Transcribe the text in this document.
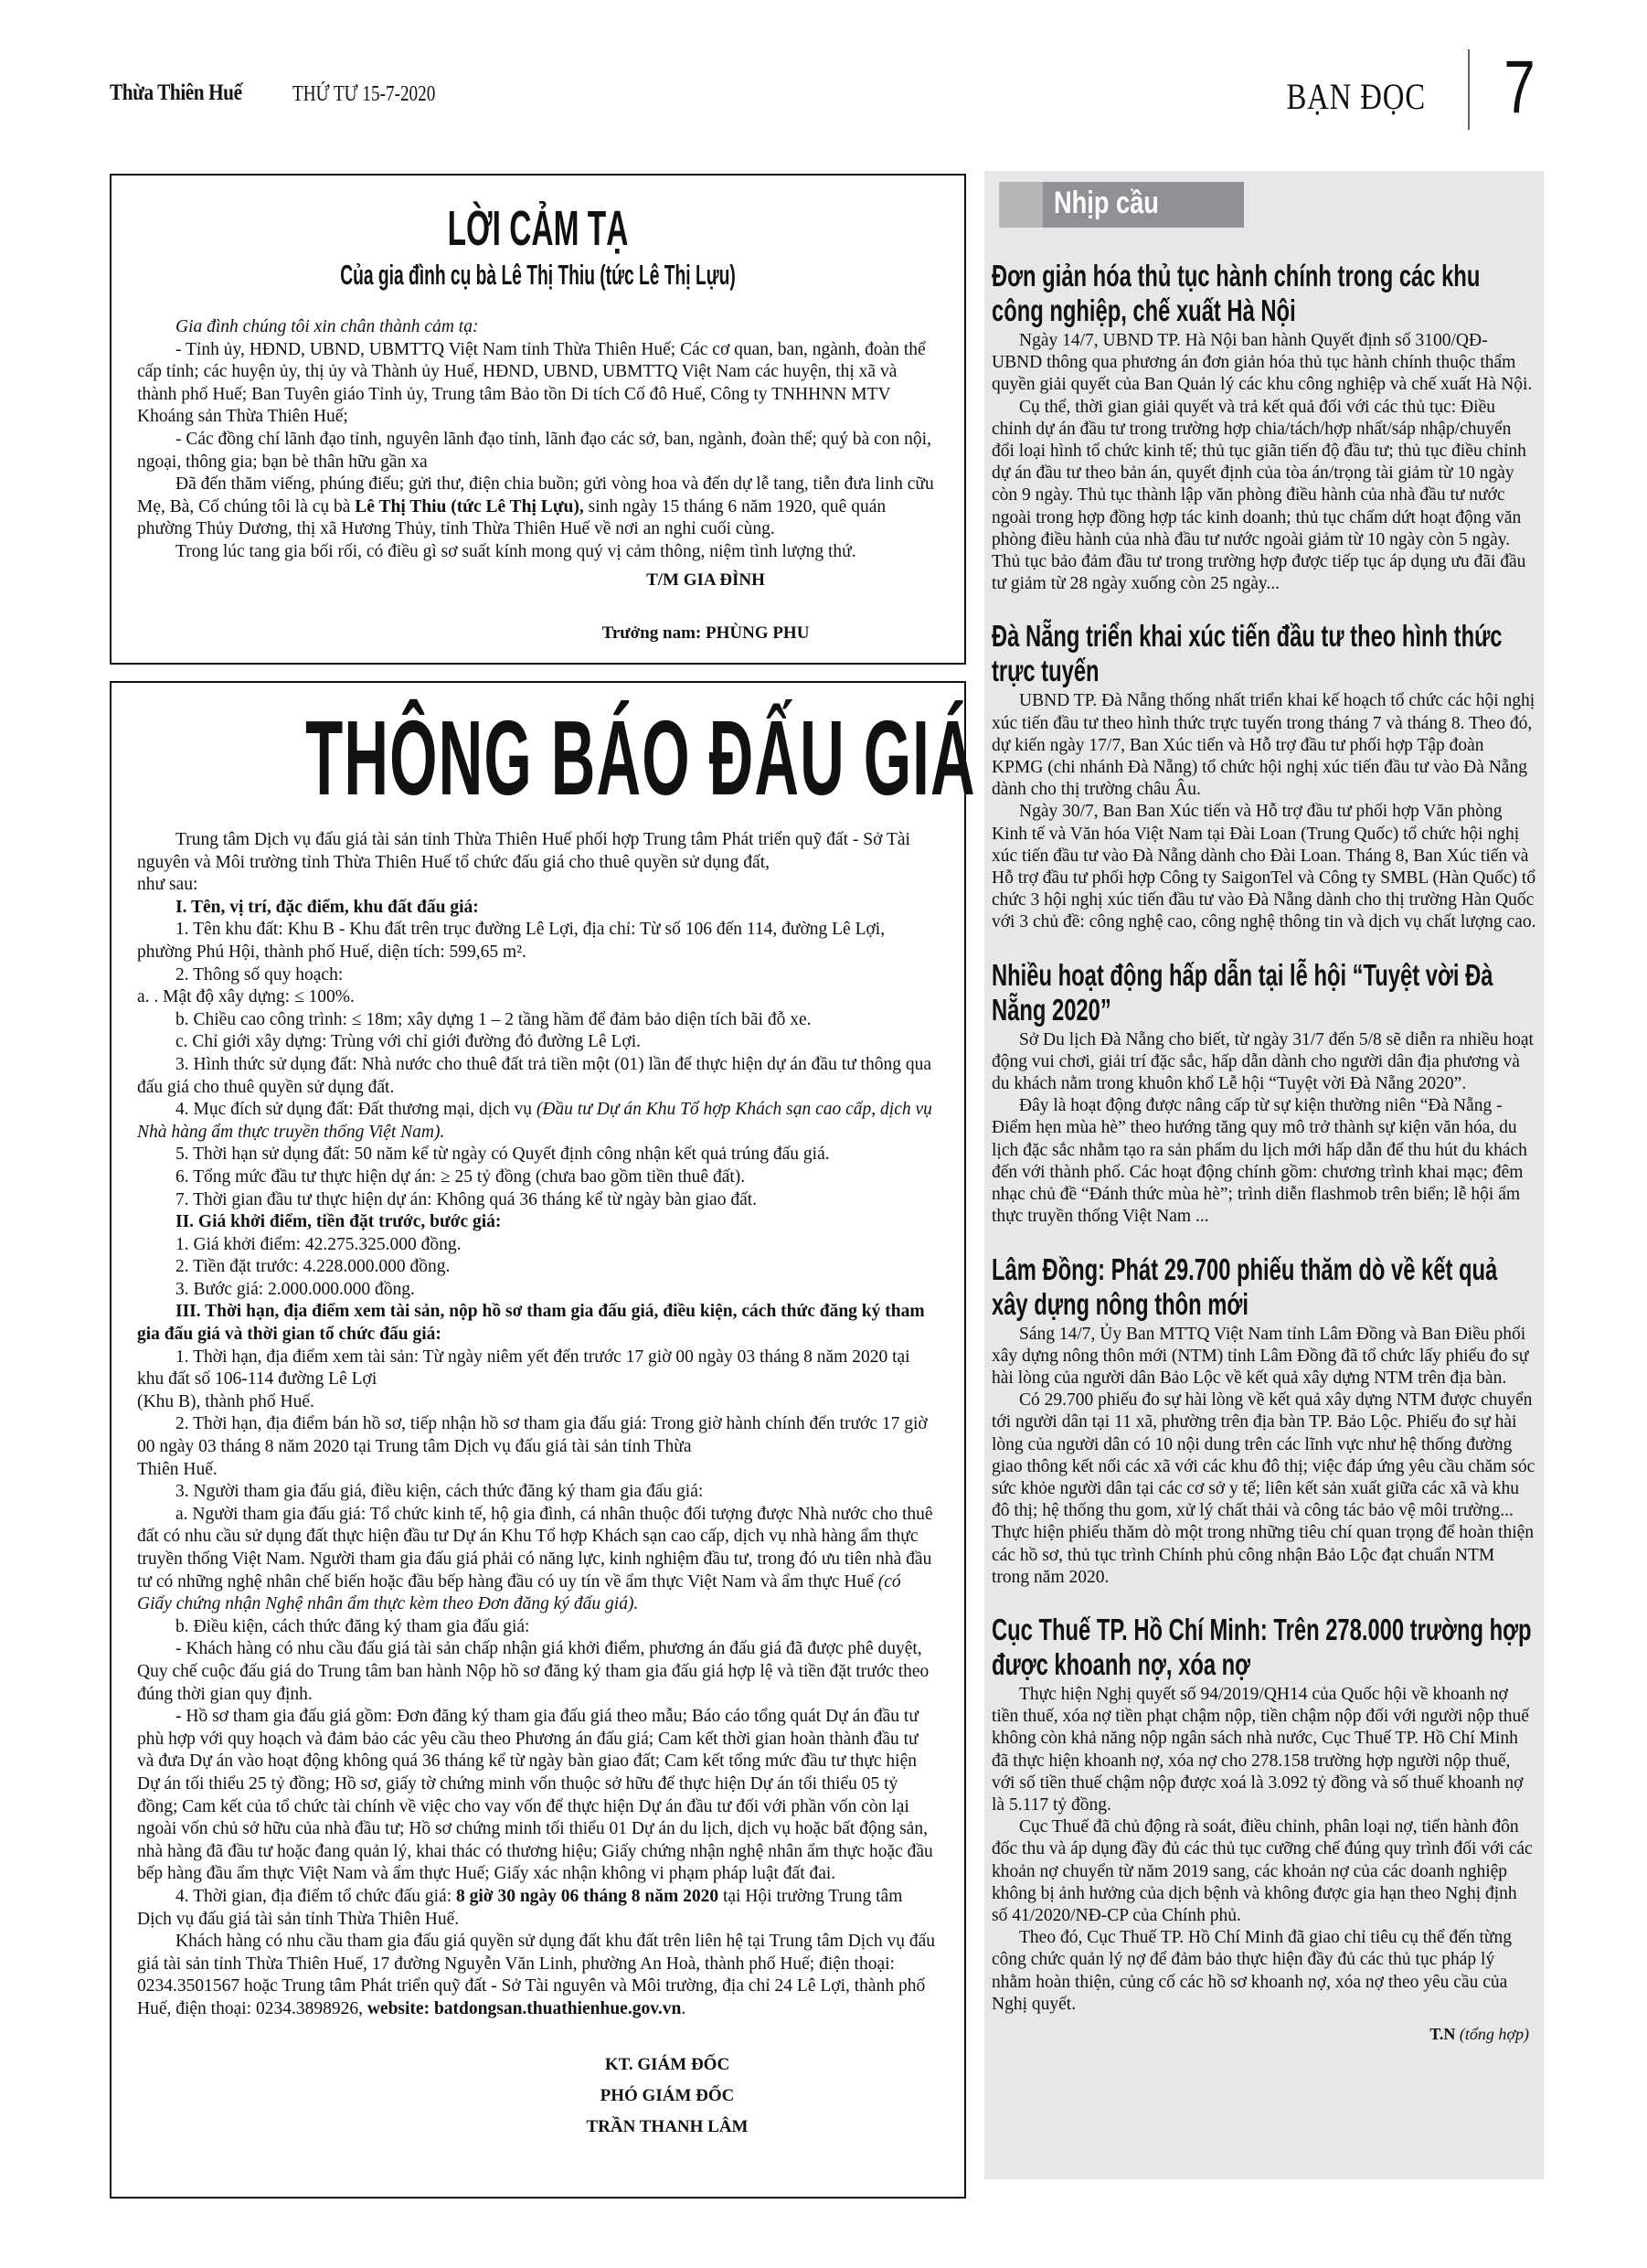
Thừa Thiên Huế THỨ TƯ 15-7-2020	BẠN ĐỌC 7
LỜI CẢM TẠ
Của gia đình cụ bà Lê Thị Thiu (tức Lê Thị Lựu)

Gia đình chúng tôi xin chân thành cảm tạ:

- Tỉnh ủy, HĐND, UBND, UBMTTQ Việt Nam tỉnh Thừa Thiên Huế; Các cơ quan, ban, ngành, đoàn thể cấp tỉnh; các huyện ủy, thị ủy và Thành ủy Huế, HĐND, UBND, UBMTTQ Việt Nam các huyện, thị xã và thành phố Huế; Ban Tuyên giáo Tỉnh ủy, Trung tâm Bảo tồn Di tích Cố đô Huế, Công ty TNHHNN MTV Khoáng sản Thừa Thiên Huế;

- Các đồng chí lãnh đạo tỉnh, nguyên lãnh đạo tỉnh, lãnh đạo các sở, ban, ngành, đoàn thể; quý bà con nội, ngoại, thông gia; bạn bè thân hữu gần xa

Đã đến thăm viếng, phúng điếu; gửi thư, điện chia buồn; gửi vòng hoa và đến dự lễ tang, tiễn đưa linh cữu Mẹ, Bà, Cố chúng tôi là cụ bà Lê Thị Thiu (tức Lê Thị Lựu), sinh ngày 15 tháng 6 năm 1920, quê quán phường Thủy Dương, thị xã Hương Thủy, tỉnh Thừa Thiên Huế về nơi an nghỉ cuối cùng.

Trong lúc tang gia bối rối, có điều gì sơ suất kính mong quý vị cảm thông, niệm tình lượng thứ.

T/M GIA ĐÌNH
Trưởng nam: PHÙNG PHU
THÔNG BÁO ĐẤU GIÁ

Trung tâm Dịch vụ đấu giá tài sản tỉnh Thừa Thiên Huế phối hợp Trung tâm Phát triển quỹ đất - Sở Tài nguyên và Môi trường tỉnh Thừa Thiên Huế tổ chức đấu giá cho thuê quyền sử dụng đất,

như sau:

I. Tên, vị trí, đặc điểm, khu đất đấu giá:

1. Tên khu đất: Khu B - Khu đất trên trục đường Lê Lợi, địa chỉ: Từ số 106 đến 114, đường Lê Lợi, phường Phú Hội, thành phố Huế, diện tích: 599,65 m².

2. Thông số quy hoạch:

a. . Mật độ xây dựng: ≤ 100%.

b. Chiều cao công trình: ≤ 18m; xây dựng 1 – 2 tầng hầm để đảm bảo diện tích bãi đỗ xe.

c. Chỉ giới xây dựng: Trùng với chỉ giới đường đỏ đường Lê Lợi.

3. Hình thức sử dụng đất: Nhà nước cho thuê đất trả tiền một (01) lần để thực hiện dự án đầu tư thông qua đấu giá cho thuê quyền sử dụng đất.

4. Mục đích sử dụng đất: Đất thương mại, dịch vụ (Đầu tư Dự án Khu Tổ hợp Khách sạn cao cấp, dịch vụ Nhà hàng ẩm thực truyền thống Việt Nam).

5. Thời hạn sử dụng đất: 50 năm kể từ ngày có Quyết định công nhận kết quả trúng đấu giá.

6. Tổng mức đầu tư thực hiện dự án: ≥ 25 tỷ đồng (chưa bao gồm tiền thuê đất).

7. Thời gian đầu tư thực hiện dự án: Không quá 36 tháng kể từ ngày bàn giao đất.

II. Giá khởi điểm, tiền đặt trước, bước giá:

1. Giá khởi điểm: 42.275.325.000 đồng.

2. Tiền đặt trước: 4.228.000.000 đồng.

3. Bước giá: 2.000.000.000 đồng.

III. Thời hạn, địa điểm xem tài sản, nộp hồ sơ tham gia đấu giá, điều kiện, cách thức đăng ký tham gia đấu giá và thời gian tổ chức đấu giá:

1. Thời hạn, địa điểm xem tài sản: Từ ngày niêm yết đến trước 17 giờ 00 ngày 03 tháng 8 năm 2020 tại khu đất số 106-114 đường Lê Lợi

(Khu B), thành phố Huế.

2. Thời hạn, địa điểm bán hồ sơ, tiếp nhận hồ sơ tham gia đấu giá: Trong giờ hành chính đến trước 17 giờ 00 ngày 03 tháng 8 năm 2020 tại Trung tâm Dịch vụ đấu giá tài sản tỉnh Thừa

Thiên Huế.

3. Người tham gia đấu giá, điều kiện, cách thức đăng ký tham gia đấu giá:

a. Người tham gia đấu giá: Tổ chức kinh tế, hộ gia đình, cá nhân thuộc đối tượng được Nhà nước cho thuê đất có nhu cầu sử dụng đất thực hiện đầu tư Dự án Khu Tổ hợp Khách sạn cao cấp, dịch vụ nhà hàng ẩm thực truyền thống Việt Nam. Người tham gia đấu giá phải có năng lực, kinh nghiệm đầu tư, trong đó ưu tiên nhà đầu tư có những nghệ nhân chế biến hoặc đầu bếp hàng đầu có uy tín về ẩm thực Việt Nam và ẩm thực Huế (có Giấy chứng nhận Nghệ nhân ẩm thực kèm theo Đơn đăng ký đấu giá).

b. Điều kiện, cách thức đăng ký tham gia đấu giá:

- Khách hàng có nhu cầu đấu giá tài sản chấp nhận giá khởi điểm, phương án đấu giá đã được phê duyệt, Quy chế cuộc đấu giá do Trung tâm ban hành Nộp hồ sơ đăng ký tham gia đấu giá hợp lệ và tiền đặt trước theo đúng thời gian quy định.

- Hồ sơ tham gia đấu giá gồm: Đơn đăng ký tham gia đấu giá theo mẫu; Báo cáo tổng quát Dự án đầu tư phù hợp với quy hoạch và đảm bảo các yêu cầu theo Phương án đấu giá; Cam kết thời gian hoàn thành đầu tư và đưa Dự án vào hoạt động không quá 36 tháng kể từ ngày bàn giao đất; Cam kết tổng mức đầu tư thực hiện Dự án tối thiểu 25 tỷ đồng; Hồ sơ, giấy tờ chứng minh vốn thuộc sở hữu để thực hiện Dự án tối thiểu 05 tỷ đồng; Cam kết của tổ chức tài chính về việc cho vay vốn để thực hiện Dự án đầu tư đối với phần vốn còn lại ngoài vốn chủ sở hữu của nhà đầu tư; Hồ sơ chứng minh tối thiểu 01 Dự án du lịch, dịch vụ hoặc bất động sản, nhà hàng đã đầu tư hoặc đang quản lý, khai thác có thương hiệu; Giấy chứng nhận nghệ nhân ẩm thực hoặc đầu bếp hàng đầu ẩm thực Việt Nam và ẩm thực Huế; Giấy xác nhận không vi phạm pháp luật đất đai.

4. Thời gian, địa điểm tổ chức đấu giá: 8 giờ 30 ngày 06 tháng 8 năm 2020 tại Hội trường Trung tâm Dịch vụ đấu giá tài sản tỉnh Thừa Thiên Huế.

Khách hàng có nhu cầu tham gia đấu giá quyền sử dụng đất khu đất trên liên hệ tại Trung tâm Dịch vụ đấu giá tài sản tỉnh Thừa Thiên Huế, 17 đường Nguyễn Văn Linh, phường An Hoà, thành phố Huế; điện thoại: 0234.3501567 hoặc Trung tâm Phát triển quỹ đất - Sở Tài nguyên và Môi trường, địa chỉ 24 Lê Lợi, thành phố Huế, điện thoại: 0234.3898926, website: batdongsan.thuathienhue.gov.vn.

KT. GIÁM ĐỐC
PHÓ GIÁM ĐỐC
TRẦN THANH LÂM
Nhịp cầu
Đơn giản hóa thủ tục hành chính trong các khu công nghiệp, chế xuất Hà Nội

Ngày 14/7, UBND TP. Hà Nội ban hành Quyết định số 3100/QĐ-UBND thông qua phương án đơn giản hóa thủ tục hành chính thuộc thẩm quyền giải quyết của Ban Quản lý các khu công nghiệp và chế xuất Hà Nội.

Cụ thể, thời gian giải quyết và trả kết quả đối với các thủ tục: Điều chỉnh dự án đầu tư trong trường hợp chia/tách/hợp nhất/sáp nhập/chuyển đổi loại hình tổ chức kinh tế; thủ tục giãn tiến độ đầu tư; thủ tục điều chỉnh dự án đầu tư theo bản án, quyết định của tòa án/trọng tài giảm từ 10 ngày còn 9 ngày. Thủ tục thành lập văn phòng điều hành của nhà đầu tư nước ngoài trong hợp đồng hợp tác kinh doanh; thủ tục chấm dứt hoạt động văn phòng điều hành của nhà đầu tư nước ngoài giảm từ 10 ngày còn 5 ngày. Thủ tục bảo đảm đầu tư trong trường hợp được tiếp tục áp dụng ưu đãi đầu tư giảm từ 28 ngày xuống còn 25 ngày...

Đà Nẵng triển khai xúc tiến đầu tư theo hình thức trực tuyến

UBND TP. Đà Nẵng thống nhất triển khai kế hoạch tổ chức các hội nghị xúc tiến đầu tư theo hình thức trực tuyến trong tháng 7 và tháng 8. Theo đó, dự kiến ngày 17/7, Ban Xúc tiến và Hỗ trợ đầu tư phối hợp Tập đoàn KPMG (chi nhánh Đà Nẵng) tổ chức hội nghị xúc tiến đầu tư vào Đà Nẵng dành cho thị trường châu Âu.

Ngày 30/7, Ban Ban Xúc tiến và Hỗ trợ đầu tư phối hợp Văn phòng Kinh tế và Văn hóa Việt Nam tại Đài Loan (Trung Quốc) tổ chức hội nghị xúc tiến đầu tư vào Đà Nẵng dành cho Đài Loan. Tháng 8, Ban Xúc tiến và Hỗ trợ đầu tư phối hợp Công ty SaigonTel và Công ty SMBL (Hàn Quốc) tổ chức 3 hội nghị xúc tiến đầu tư vào Đà Nẵng dành cho thị trường Hàn Quốc với 3 chủ đề: công nghệ cao, công nghệ thông tin và dịch vụ chất lượng cao.

Nhiều hoạt động hấp dẫn tại lễ hội “Tuyệt vời Đà Nẵng 2020”

Sở Du lịch Đà Nẵng cho biết, từ ngày 31/7 đến 5/8 sẽ diễn ra nhiều hoạt động vui chơi, giải trí đặc sắc, hấp dẫn dành cho người dân địa phương và du khách nằm trong khuôn khổ Lễ hội “Tuyệt vời Đà Nẵng 2020”.

Đây là hoạt động được nâng cấp từ sự kiện thường niên “Đà Nẵng - Điểm hẹn mùa hè” theo hướng tăng quy mô trở thành sự kiện văn hóa, du lịch đặc sắc nhằm tạo ra sản phẩm du lịch mới hấp dẫn để thu hút du khách đến với thành phố. Các hoạt động chính gồm: chương trình khai mạc; đêm nhạc chủ đề “Đánh thức mùa hè”; trình diễn flashmob trên biển; lễ hội ẩm thực truyền thống Việt Nam ...

Lâm Đồng: Phát 29.700 phiếu thăm dò về kết quả xây dựng nông thôn mới

Sáng 14/7, Ủy Ban MTTQ Việt Nam tỉnh Lâm Đồng và Ban Điều phối xây dựng nông thôn mới (NTM) tỉnh Lâm Đồng đã tổ chức lấy phiếu đo sự hài lòng của người dân Bảo Lộc về kết quả xây dựng NTM trên địa bàn.

Có 29.700 phiếu đo sự hài lòng về kết quả xây dựng NTM được chuyển tới người dân tại 11 xã, phường trên địa bàn TP. Bảo Lộc. Phiếu đo sự hài lòng của người dân có 10 nội dung trên các lĩnh vực như hệ thống đường giao thông kết nối các xã với các khu đô thị; việc đáp ứng yêu cầu chăm sóc sức khỏe người dân tại các cơ sở y tế; liên kết sản xuất giữa các xã và khu đô thị; hệ thống thu gom, xử lý chất thải và công tác bảo vệ môi trường... Thực hiện phiếu thăm dò một trong những tiêu chí quan trọng để hoàn thiện các hồ sơ, thủ tục trình Chính phủ công nhận Bảo Lộc đạt chuẩn NTM trong năm 2020.

Cục Thuế TP. Hồ Chí Minh: Trên 278.000 trường hợp được khoanh nợ, xóa nợ

Thực hiện Nghị quyết số 94/2019/QH14 của Quốc hội về khoanh nợ tiền thuế, xóa nợ tiền phạt chậm nộp, tiền chậm nộp đối với người nộp thuế không còn khả năng nộp ngân sách nhà nước, Cục Thuế TP. Hồ Chí Minh đã thực hiện khoanh nợ, xóa nợ cho 278.158 trường hợp người nộp thuế, với số tiền thuế chậm nộp được xoá là 3.092 tỷ đồng và số thuế khoanh nợ là 5.117 tỷ đồng.

Cục Thuế đã chủ động rà soát, điều chỉnh, phân loại nợ, tiến hành đôn đốc thu và áp dụng đầy đủ các thủ tục cưỡng chế đúng quy trình đối với các khoản nợ chuyển từ năm 2019 sang, các khoản nợ của các doanh nghiệp không bị ảnh hưởng của dịch bệnh và không được gia hạn theo Nghị định số 41/2020/NĐ-CP của Chính phủ.

Theo đó, Cục Thuế TP. Hồ Chí Minh đã giao chỉ tiêu cụ thể đến từng công chức quản lý nợ để đảm bảo thực hiện đầy đủ các thủ tục pháp lý nhằm hoàn thiện, củng cố các hồ sơ khoanh nợ, xóa nợ theo yêu cầu của Nghị quyết.

T.N (tổng hợp)
